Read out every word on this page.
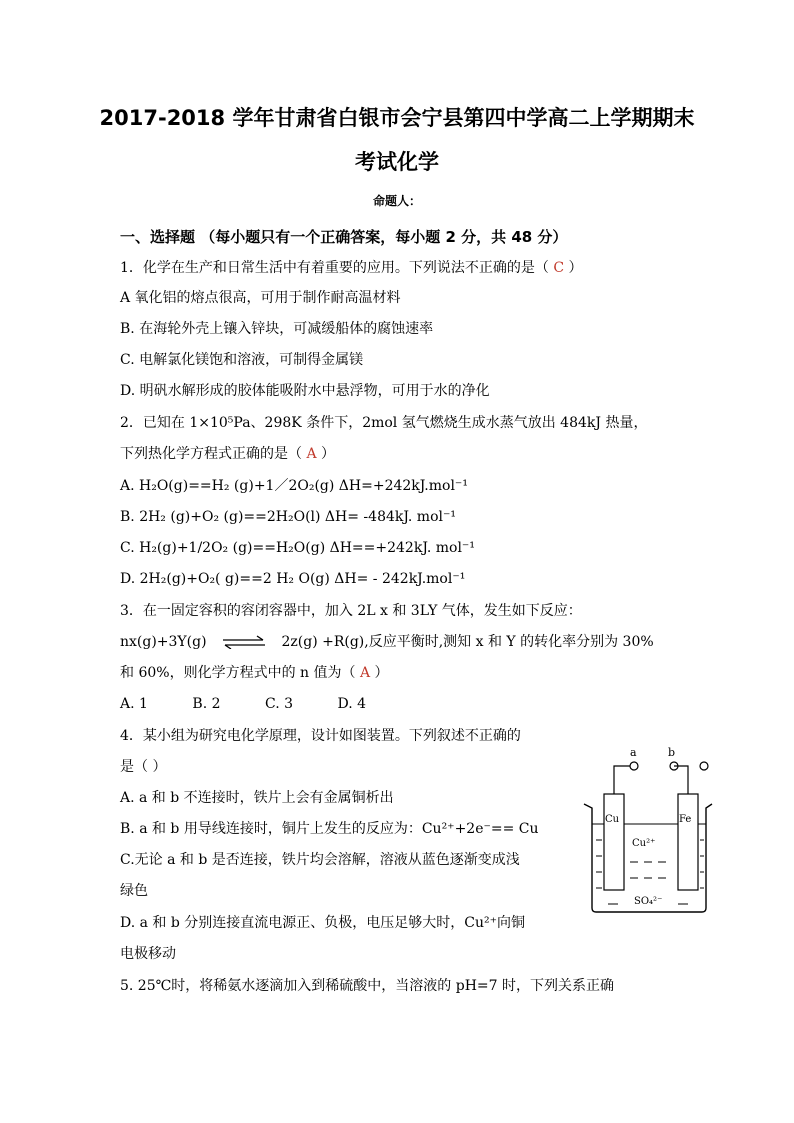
2017-2018 学年甘肃省白银市会宁县第四中学高二上学期期末
考试化学
命题人：
一、选择题 （每小题只有一个正确答案，每小题 2 分，共 48 分）
1．化学在生产和日常生活中有着重要的应用。下列说法不正确的是（ C ）
A 氧化铝的熔点很高，可用于制作耐高温材料
B. 在海轮外壳上镶入锌块，可减缓船体的腐蚀速率
C. 电解氯化镁饱和溶液，可制得金属镁
D. 明矾水解形成的胶体能吸附水中悬浮物，可用于水的净化
2．已知在 1×10⁵Pa、298K 条件下，2mol 氢气燃烧生成水蒸气放出 484kJ 热量，
下列热化学方程式正确的是（ A ）
A. H₂O(g)==H₂ (g)+1／2O₂(g) ΔH=+242kJ.mol⁻¹
B. 2H₂ (g)+O₂ (g)==2H₂O(l) ΔH= -484kJ. mol⁻¹
C. H₂(g)+1/2O₂ (g)==H₂O(g) ΔH==+242kJ. mol⁻¹
D. 2H₂(g)+O₂( g)==2 H₂ O(g) ΔH= - 242kJ.mol⁻¹
3．在一固定容积的容闭容器中，加入 2L x 和 3LY 气体，发生如下反应：
nx(g)+3Y(g) ⇌ 2z(g) +R(g),反应平衡时,测知 x 和 Y 的转化率分别为 30%
和 60%，则化学方程式中的 n 值为（ A ）
A. 1          B. 2          C. 3          D. 4
4．某小组为研究电化学原理，设计如图装置。下列叙述不正确的
是（ ）
A. a 和 b 不连接时，铁片上会有金属铜析出
B. a 和 b 用导线连接时，铜片上发生的反应为：Cu²⁺+2e⁻== Cu
C.无论 a 和 b 是否连接，铁片均会溶解，溶液从蓝色逐渐变成浅
绿色
D. a 和 b 分别连接直流电源正、负极，电压足够大时，Cu²⁺向铜
电极移动
a	b
Cu	Fe
Cu²⁺
SO₄²⁻
5. 25℃时，将稀氨水逐滴加入到稀硫酸中，当溶液的 pH=7 时，下列关系正确
